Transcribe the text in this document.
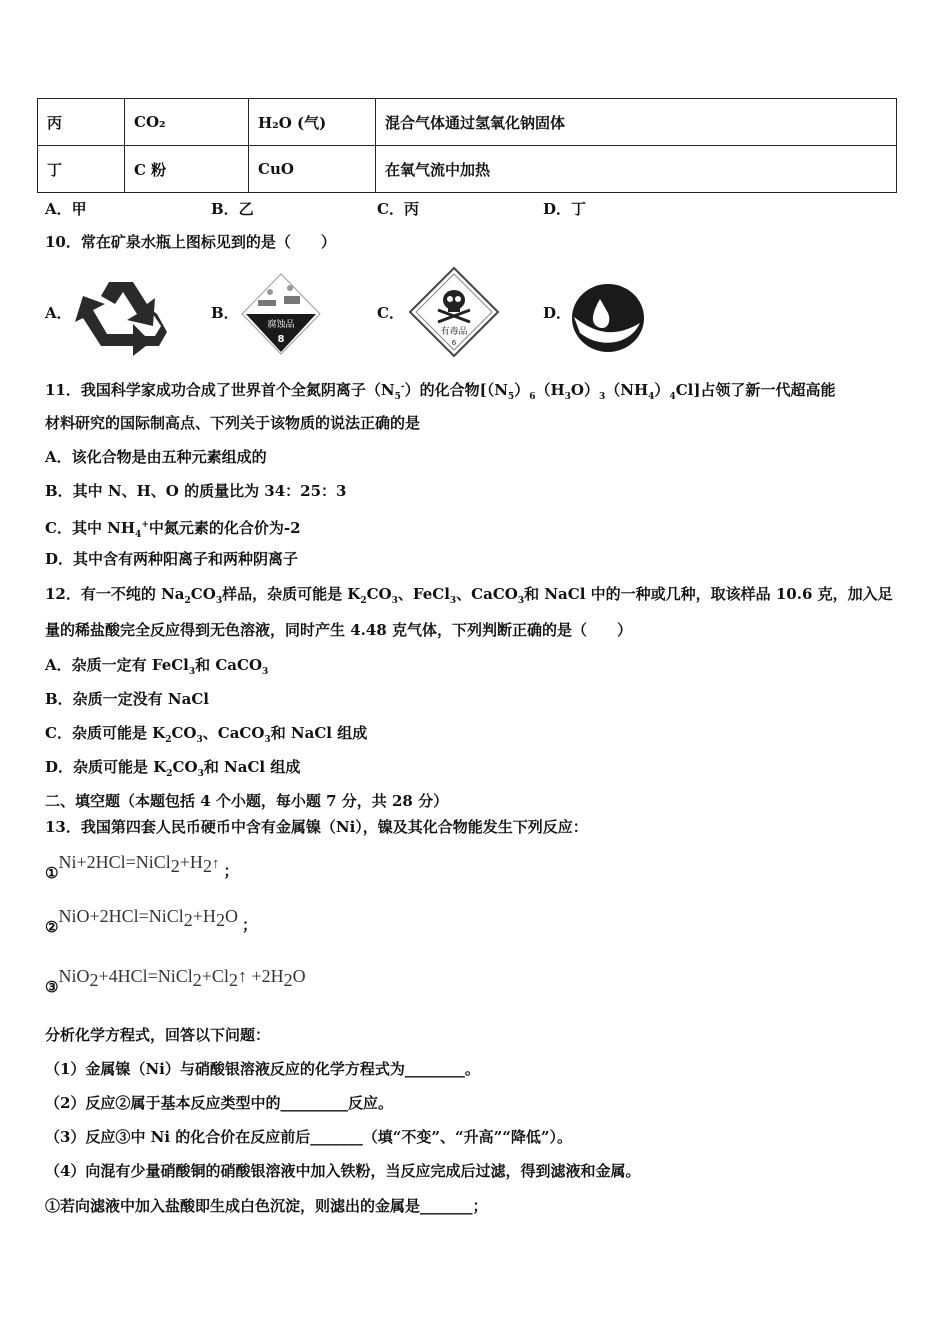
丙	CO₂	H₂O (气)	混合气体通过氢氧化钠固体
丁	C 粉	CuO	在氧气流中加热
A．甲	B．乙	C．丙	D．丁
10．常在矿泉水瓶上图标见到的是（　　）
A．	B．
腐蚀品
8
C．
有毒品
6
D．
11．我国科学家成功合成了世界首个全氮阴离子$(N_5^-)$的化合物$[(N_5)_6(H_3O)_3(NH_4)_4Cl]$占领了新一代超高能
材料研究的国际制高点、下列关于该物质的说法正确的是
A．该化合物是由五种元素组成的
B．其中 N、H、O 的质量比为 34：25：3
C．其中 $NH_4^+$中氮元素的化合价为-2
D．其中含有两种阳离子和两种阴离子
12．有一不纯的 $Na_2CO_3$样品，杂质可能是 $K_2CO_3$、FeCl$_3$、CaCO$_3$和 NaCl 中的一种或几种，取该样品 10.6 克，加入足
量的稀盐酸完全反应得到无色溶液，同时产生 4.48 克气体，下列判断正确的是（　　）
A．杂质一定有 FeCl$_3$和 CaCO$_3$
B．杂质一定没有 NaCl
C．杂质可能是 $K_2CO_3$、CaCO$_3$和 NaCl 组成
D．杂质可能是 $K_2CO_3$和 NaCl 组成
二、填空题（本题包括 4 个小题，每小题 7 分，共 28 分）
13．我国第四套人民币硬币中含有金属镍（Ni），镍及其化合物能发生下列反应：
$①Ni+2HCl=NiCl_2+H_2↑$ ；
$②NiO+2HCl=NiCl_2+H_2O$ ；
$③NiO_2+4HCl=NiCl_2+Cl_2↑ +2H_2O$
分析化学方程式，回答以下问题：
（1）金属镍（Ni）与硝酸银溶液反应的化学方程式为________。
（2）反应②属于基本反应类型中的_________反应。
（3）反应③中 Ni 的化合价在反应前后_______（填“不变”、“升高”“降低”）。
（4）向混有少量硝酸铜的硝酸银溶液中加入铁粉，当反应完成后过滤，得到滤液和金属。
①若向滤液中加入盐酸即生成白色沉淀，则滤出的金属是_______；
